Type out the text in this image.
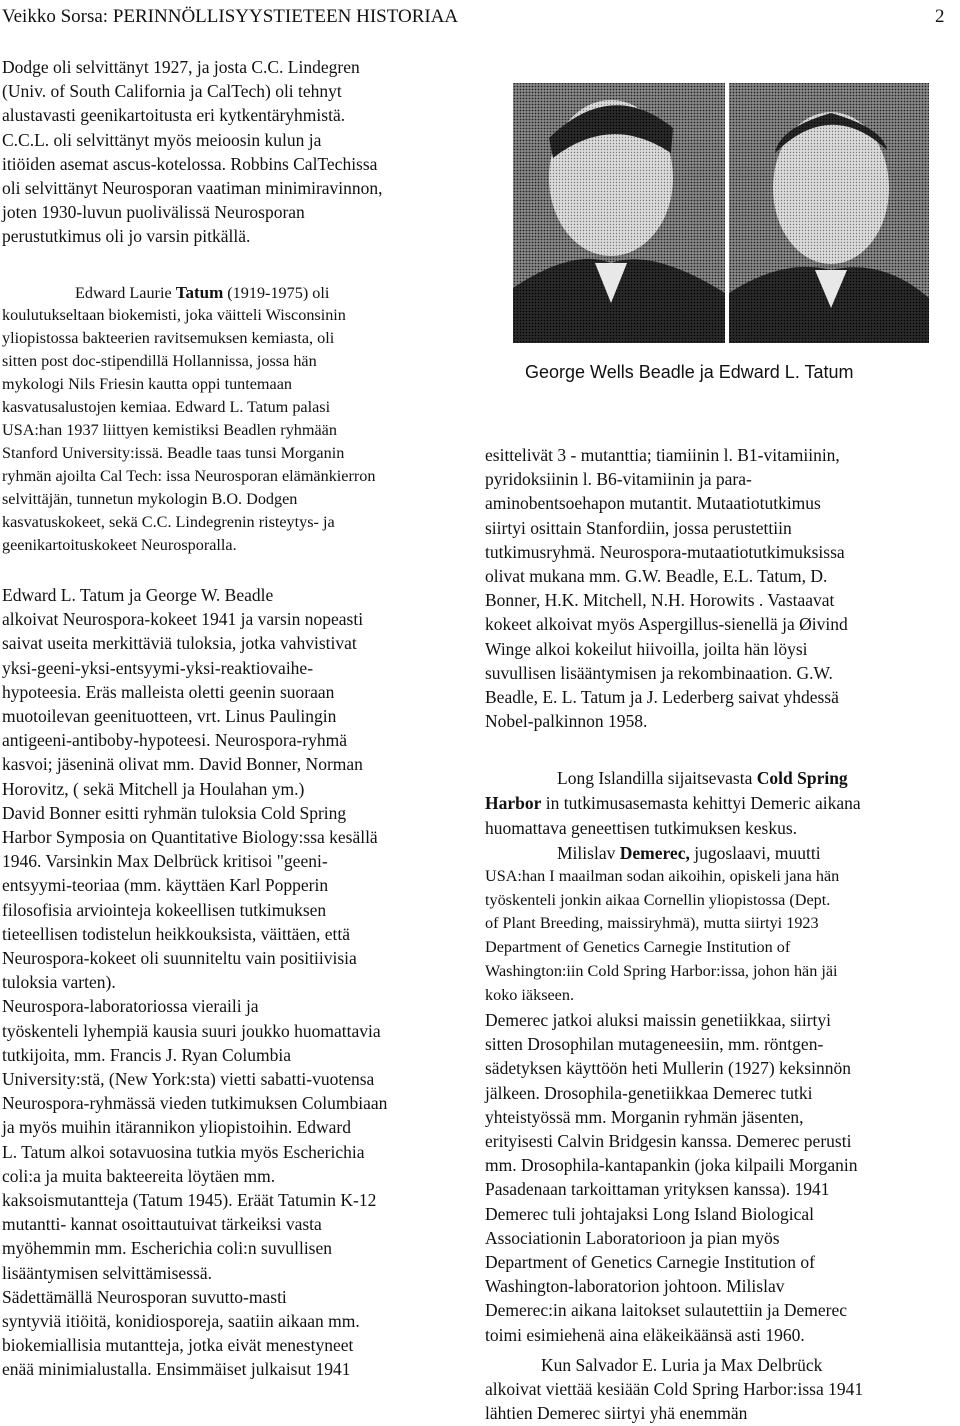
Veikko Sorsa: PERINNÖLLISYYSTIETEEN HISTORIAA	2
Dodge oli selvittänyt 1927, ja josta C.C. Lindegren
(Univ. of South California ja CalTech) oli tehnyt
alustavasti geenikartoitusta eri kytkentäryhmistä.
C.C.L. oli selvittänyt myös meioosin kulun ja
itiöiden asemat ascus-kotelossa. Robbins CalTechissa
oli selvittänyt Neurosporan vaatiman minimiravinnon,
joten 1930-luvun puolivälissä Neurosporan
perustutkimus oli jo varsin pitkällä.
Edward Laurie Tatum (1919-1975) oli
koulutukseltaan biokemisti, joka väitteli Wisconsinin
yliopistossa bakteerien ravitsemuksen kemiasta, oli
sitten post doc-stipendillä Hollannissa, jossa hän
mykologi Nils Friesin kautta oppi tuntemaan
kasvatusalustojen kemiaa. Edward L. Tatum palasi
USA:han 1937 liittyen kemistiksi Beadlen ryhmään
Stanford University:issä. Beadle taas tunsi Morganin
ryhmän ajoilta Cal Tech: issa Neurosporan elämänkierron
selvittäjän, tunnetun mykologin B.O. Dodgen
kasvatuskokeet, sekä C.C. Lindegrenin risteytys- ja
geenikartoituskokeet Neurosporalla.
Edward L. Tatum ja George W. Beadle
alkoivat Neurospora-kokeet 1941 ja varsin nopeasti
saivat useita merkittäviä tuloksia, jotka vahvistivat
yksi-geeni-yksi-entsyymi-yksi-reaktiovaihe-
hypoteesia. Eräs malleista oletti geenin suoraan
muotoilevan geenituotteen, vrt. Linus Paulingin
antigeeni-antiboby-hypoteesi. Neurospora-ryhmä
kasvoi; jäseninä olivat mm. David Bonner, Norman
Horovitz, ( sekä Mitchell ja Houlahan ym.)
David Bonner esitti ryhmän tuloksia Cold Spring
Harbor Symposia on Quantitative Biology:ssa kesällä
1946. Varsinkin Max Delbrück kritisoi "geeni-
entsyymi-teoriaa (mm. käyttäen Karl Popperin
filosofisia arviointeja kokeellisen tutkimuksen
tieteellisen todistelun heikkouksista, väittäen, että
Neurospora-kokeet oli suunniteltu vain positiivisia
tuloksia varten).
Neurospora-laboratoriossa vieraili ja
työskenteli lyhempiä kausia suuri joukko huomattavia
tutkijoita, mm. Francis J. Ryan Columbia
University:stä, (New York:sta) vietti sabatti-vuotensa
Neurospora-ryhmässä vieden tutkimuksen Columbiaan
ja myös muihin itärannikon yliopistoihin. Edward
L. Tatum alkoi sotavuosina tutkia myös Escherichia
coli:a ja muita bakteereita löytäen mm.
kaksoismutantteja (Tatum 1945). Eräät Tatumin K-12
mutantti- kannat osoittautuivat tärkeiksi vasta
myöhemmin mm. Escherichia coli:n suvullisen
lisääntymisen selvittämisessä.
Sädettämällä Neurosporan suvutto-masti
syntyviä itiöitä, konidiosporeja, saatiin aikaan mm.
biokemiallisia mutantteja, jotka eivät menestyneet
enää minimialustalla. Ensimmäiset julkaisut 1941
George Wells Beadle ja Edward L. Tatum
esittelivät 3 - mutanttia; tiamiinin l. B1-vitamiinin,
pyridoksiinin l. B6-vitamiinin ja para-
aminobentsoehapon mutantit. Mutaatiotutkimus
siirtyi osittain Stanfordiin, jossa perustettiin
tutkimusryhmä. Neurospora-mutaatiotutkimuksissa
olivat mukana mm. G.W. Beadle, E.L. Tatum, D.
Bonner, H.K. Mitchell, N.H. Horowits . Vastaavat
kokeet alkoivat myös Aspergillus-sienellä ja Øivind
Winge alkoi kokeilut hiivoilla, joilta hän löysi
suvullisen lisääntymisen ja rekombinaation. G.W.
Beadle, E. L. Tatum ja J. Lederberg saivat yhdessä
Nobel-palkinnon 1958.
Long Islandilla sijaitsevasta Cold Spring
Harbor in tutkimusasemasta kehittyi Demeric aikana
huomattava geneettisen tutkimuksen keskus.
Milislav Demerec, jugoslaavi, muutti
USA:han I maailman sodan aikoihin, opiskeli jana hän
työskenteli jonkin aikaa Cornellin yliopistossa (Dept.
of Plant Breeding, maissiryhmä), mutta siirtyi 1923
Department of Genetics Carnegie Institution of
Washington:iin Cold Spring Harbor:issa, johon hän jäi
koko iäkseen.
Demerec jatkoi aluksi maissin genetiikkaa, siirtyi
sitten Drosophilan mutageneesiin, mm. röntgen-
sädetyksen käyttöön heti Mullerin (1927) keksinnön
jälkeen. Drosophila-genetiikkaa Demerec tutki
yhteistyössä mm. Morganin ryhmän jäsenten,
erityisesti Calvin Bridgesin kanssa. Demerec perusti
mm. Drosophila-kantapankin (joka kilpaili Morganin
Pasadenaan tarkoittaman yrityksen kanssa). 1941
Demerec tuli johtajaksi Long Island Biological
Associationin Laboratorioon ja pian myös
Department of Genetics Carnegie Institution of
Washington-laboratorion johtoon. Milislav
Demerec:in aikana laitokset sulautettiin ja Demerec
toimi esimiehenä aina eläkeikäänsä asti 1960.
Kun Salvador E. Luria ja Max Delbrück
alkoivat viettää kesiään Cold Spring Harbor:issa 1941
lähtien Demerec siirtyi yhä enemmän
